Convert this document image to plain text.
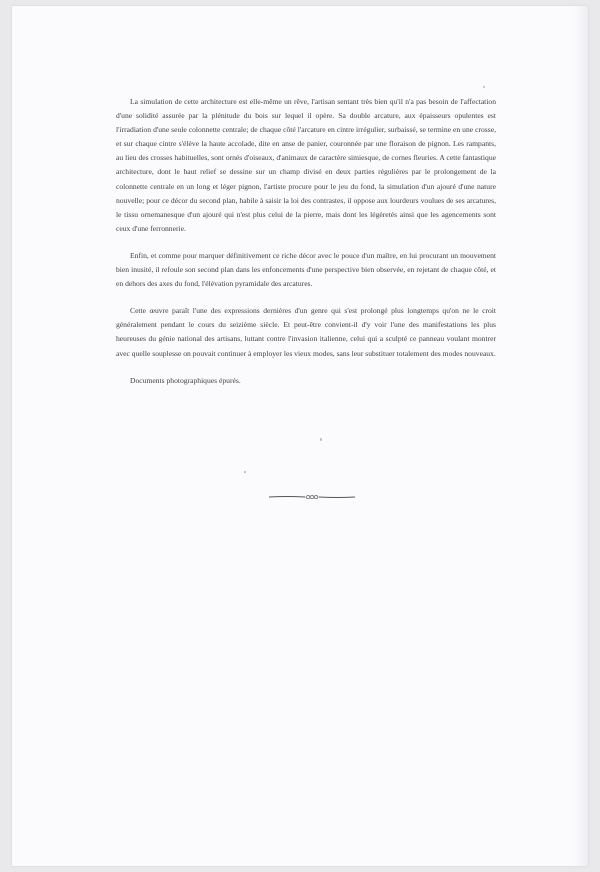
La simulation de cette architecture est elle-même un rêve, l'artisan sentant très bien qu'il n'a pas besoin de l'affectation d'une solidité assurée par la plénitude du bois sur lequel il opère. Sa double arcature, aux épaisseurs opulentes est l'irradiation d'une seule colonnette centrale; de chaque côté l'arcature en cintre irrégulier, surbaissé, se termine en une crosse, et sur chaque cintre s'élève la haute accolade, dite en anse de panier, couronnée par une floraison de pignon. Les rampants, au lieu des crosses habituelles, sont ornés d'oiseaux, d'animaux de caractère simiesque, de cornes fleuries. A cette fantastique architecture, dont le haut relief se dessine sur un champ divisé en deux parties régulières par le prolongement de la colonnette centrale en un long et léger pignon, l'artiste procure pour le jeu du fond, la simulation d'un ajouré d'une nature nouvelle; pour ce décor du second plan, habile à saisir la loi des contrastes, il oppose aux lourdeurs voulues de ses arcatures, le tissu ornemanesque d'un ajouré qui n'est plus celui de la pierre, mais dont les légèretés ainsi que les agencements sont ceux d'une ferronnerie.

Enfin, et comme pour marquer définitivement ce riche décor avec le pouce d'un maître, en lui procurant un mouvement bien inusité, il refoule son second plan dans les enfoncements d'une perspective bien observée, en rejetant de chaque côté, et en dehors des axes du fond, l'élévation pyramidale des arcatures.

Cette œuvre paraît l'une des expressions dernières d'un genre qui s'est prolongé plus longtemps qu'on ne le croit généralement pendant le cours du seizième siècle. Et peut-être convient-il d'y voir l'une des manifestations les plus heureuses du génie national des artisans, luttant contre l'invasion italienne, celui qui a sculpté ce panneau voulant montrer avec quelle souplesse on pouvait continuer à employer les vieux modes, sans leur substituer totalement des modes nouveaux.

Documents photographiques épurés.
